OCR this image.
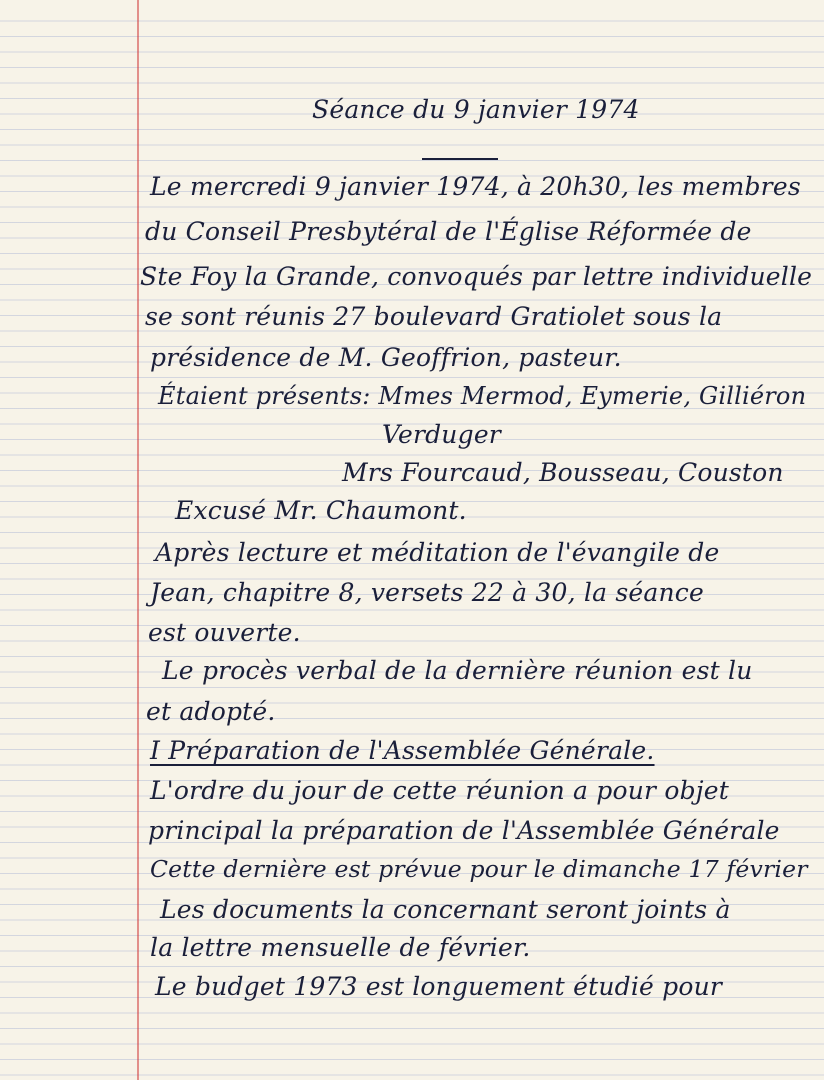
Séance du 9 janvier 1974
Le mercredi 9 janvier 1974, à 20h30, les membres
du Conseil Presbytéral de l'Église Réformée de
Ste Foy la Grande, convoqués par lettre individuelle
se sont réunis 27 boulevard Gratiolet sous la
présidence de M. Geoffrion, pasteur.
Étaient présents: Mmes Mermod, Eymerie, Gilliéron
Verduger
Mrs Fourcaud, Bousseau, Couston
Excusé Mr. Chaumont.
Après lecture et méditation de l'évangile de
Jean, chapitre 8, versets 22 à 30, la séance
est ouverte.
Le procès verbal de la dernière réunion est lu
et adopté.
I Préparation de l'Assemblée Générale.
L'ordre du jour de cette réunion a pour objet
principal la préparation de l'Assemblée Générale
Cette dernière est prévue pour le dimanche 17 février
Les documents la concernant seront joints à
la lettre mensuelle de février.
Le budget 1973 est longuement étudié pour
